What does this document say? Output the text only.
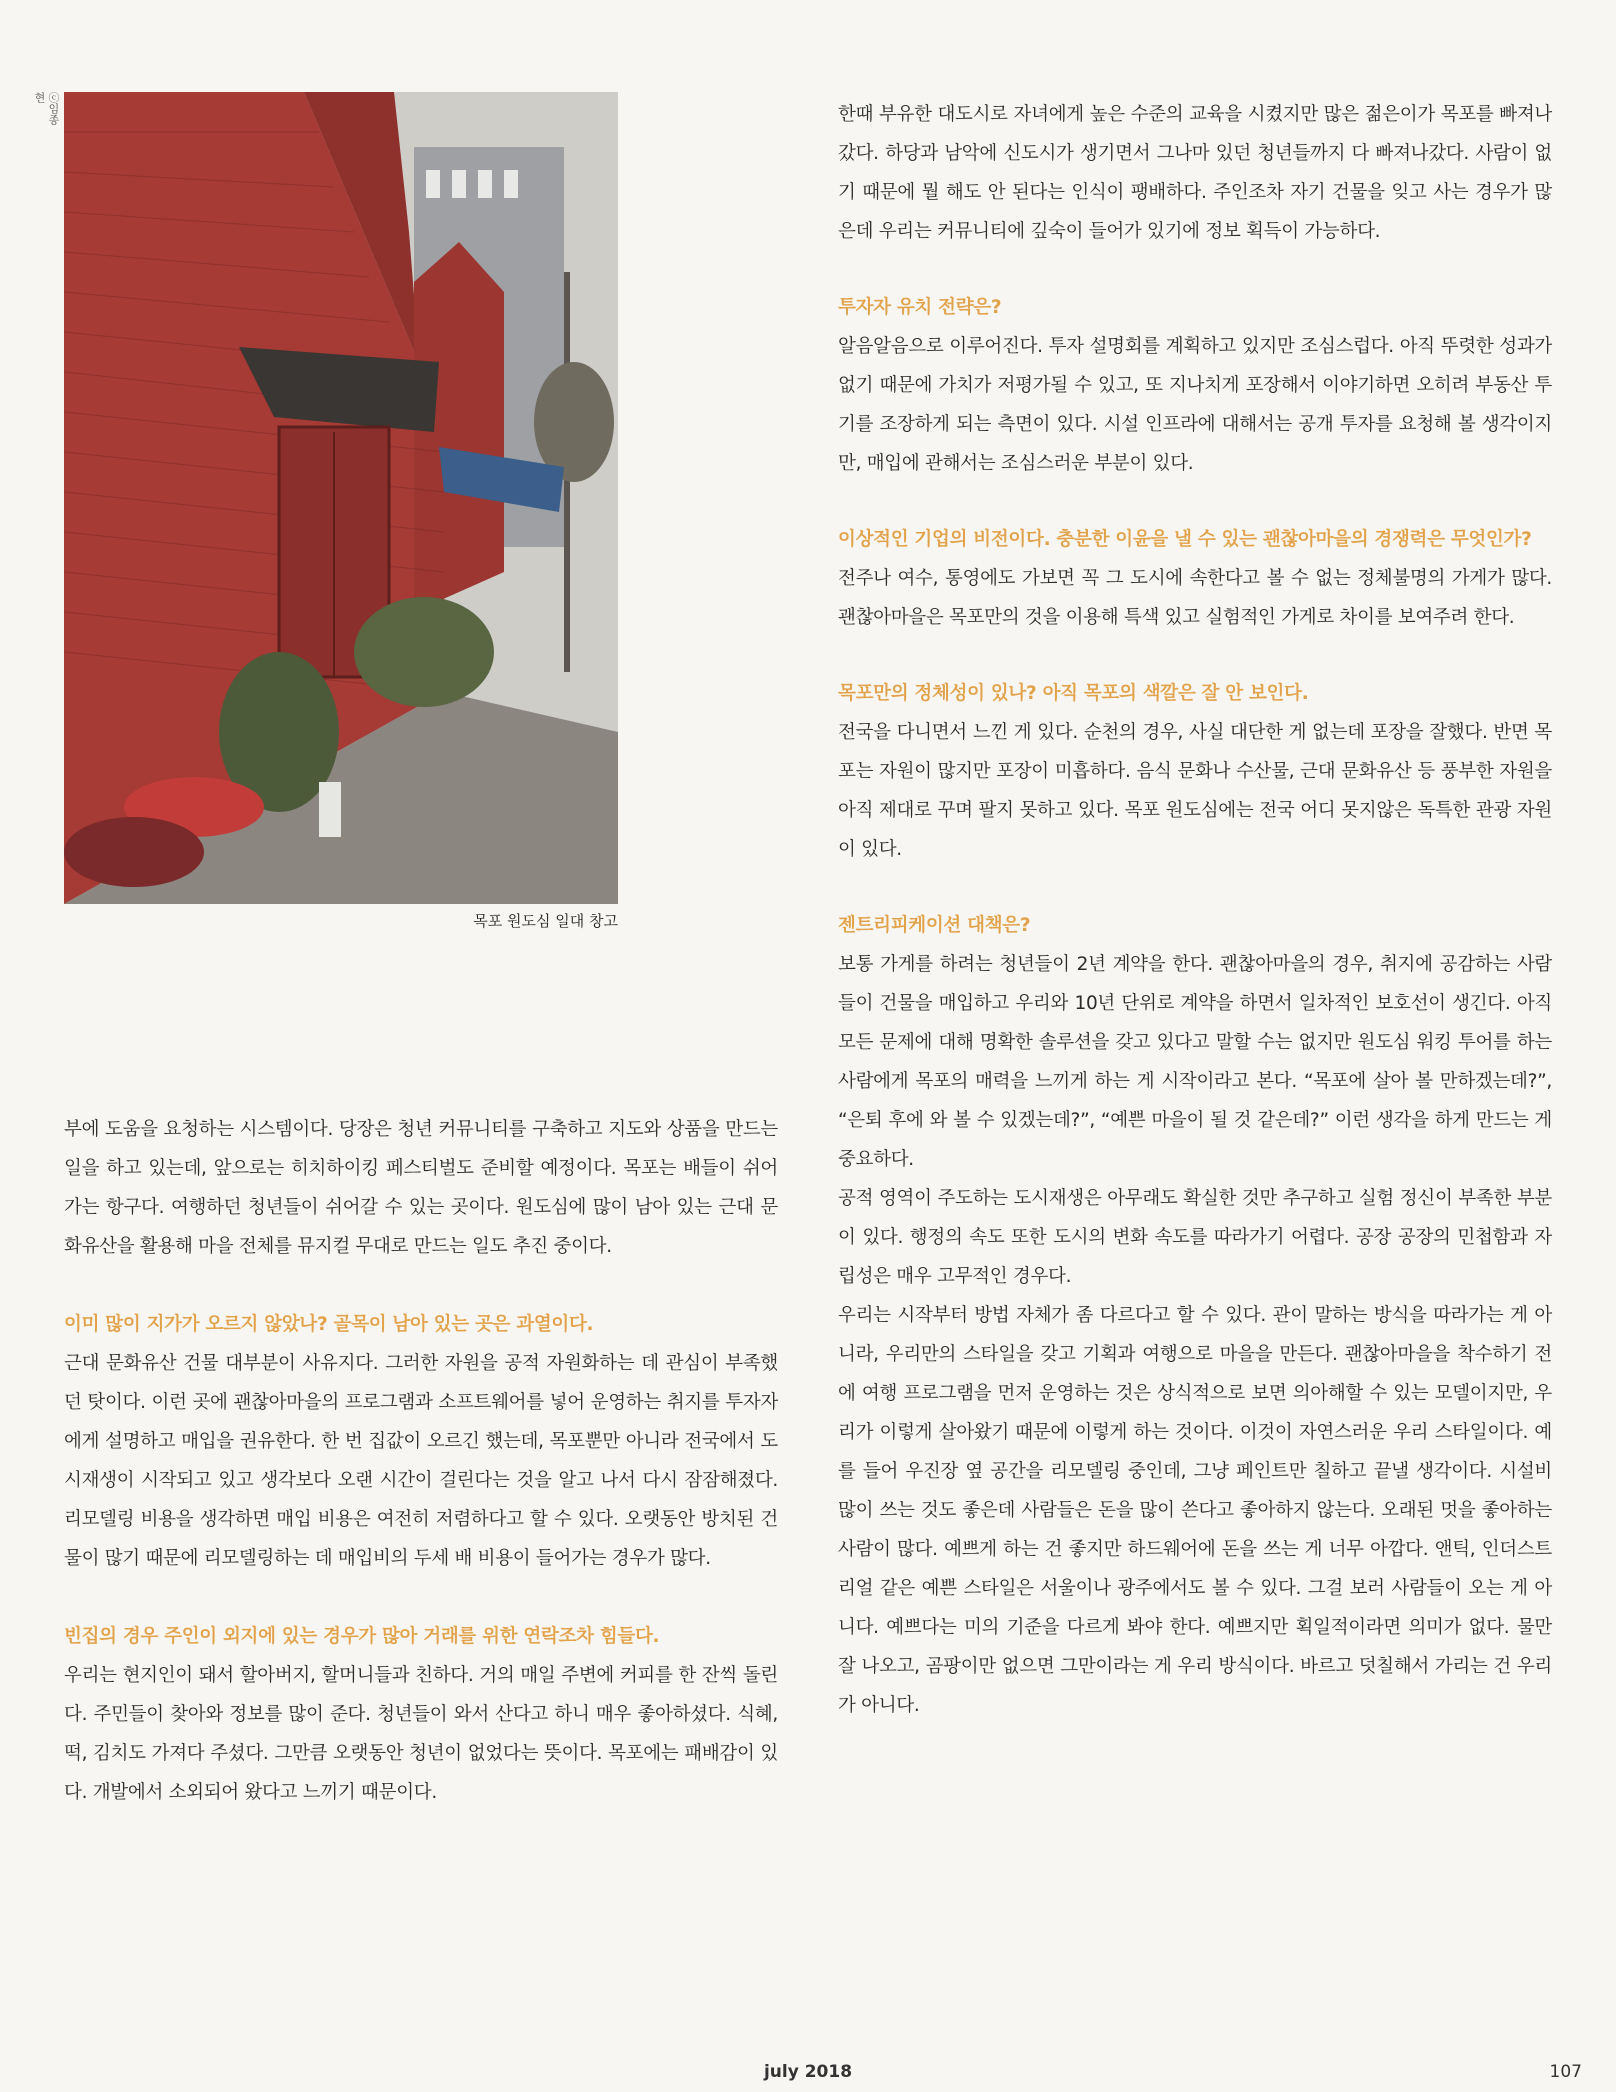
ⓒ임종현
목포 원도심 일대 창고

부에 도움을 요청하는 시스템이다. 당장은 청년 커뮤니티를 구축하고 지도와 상품을 만드는 일을 하고 있는데, 앞으로는 히치하이킹 페스티벌도 준비할 예정이다. 목포는 배들이 쉬어가는 항구다. 여행하던 청년들이 쉬어갈 수 있는 곳이다. 원도심에 많이 남아 있는 근대 문화유산을 활용해 마을 전체를 뮤지컬 무대로 만드는 일도 추진 중이다.

이미 많이 지가가 오르지 않았나? 골목이 남아 있는 곳은 과열이다.

근대 문화유산 건물 대부분이 사유지다. 그러한 자원을 공적 자원화하는 데 관심이 부족했던 탓이다. 이런 곳에 괜찮아마을의 프로그램과 소프트웨어를 넣어 운영하는 취지를 투자자에게 설명하고 매입을 권유한다. 한 번 집값이 오르긴 했는데, 목포뿐만 아니라 전국에서 도시재생이 시작되고 있고 생각보다 오랜 시간이 걸린다는 것을 알고 나서 다시 잠잠해졌다. 리모델링 비용을 생각하면 매입 비용은 여전히 저렴하다고 할 수 있다. 오랫동안 방치된 건물이 많기 때문에 리모델링하는 데 매입비의 두세 배 비용이 들어가는 경우가 많다.

빈집의 경우 주인이 외지에 있는 경우가 많아 거래를 위한 연락조차 힘들다.

우리는 현지인이 돼서 할아버지, 할머니들과 친하다. 거의 매일 주변에 커피를 한 잔씩 돌린다. 주민들이 찾아와 정보를 많이 준다. 청년들이 와서 산다고 하니 매우 좋아하셨다. 식혜, 떡, 김치도 가져다 주셨다. 그만큼 오랫동안 청년이 없었다는 뜻이다. 목포에는 패배감이 있다. 개발에서 소외되어 왔다고 느끼기 때문이다.

한때 부유한 대도시로 자녀에게 높은 수준의 교육을 시켰지만 많은 젊은이가 목포를 빠져나갔다. 하당과 남악에 신도시가 생기면서 그나마 있던 청년들까지 다 빠져나갔다. 사람이 없기 때문에 뭘 해도 안 된다는 인식이 팽배하다. 주인조차 자기 건물을 잊고 사는 경우가 많은데 우리는 커뮤니티에 깊숙이 들어가 있기에 정보 획득이 가능하다.

투자자 유치 전략은?

알음알음으로 이루어진다. 투자 설명회를 계획하고 있지만 조심스럽다. 아직 뚜렷한 성과가 없기 때문에 가치가 저평가될 수 있고, 또 지나치게 포장해서 이야기하면 오히려 부동산 투기를 조장하게 되는 측면이 있다. 시설 인프라에 대해서는 공개 투자를 요청해 볼 생각이지만, 매입에 관해서는 조심스러운 부분이 있다.

이상적인 기업의 비전이다. 충분한 이윤을 낼 수 있는 괜찮아마을의 경쟁력은 무엇인가?

전주나 여수, 통영에도 가보면 꼭 그 도시에 속한다고 볼 수 없는 정체불명의 가게가 많다. 괜찮아마을은 목포만의 것을 이용해 특색 있고 실험적인 가게로 차이를 보여주려 한다.

목포만의 정체성이 있나? 아직 목포의 색깔은 잘 안 보인다.

전국을 다니면서 느낀 게 있다. 순천의 경우, 사실 대단한 게 없는데 포장을 잘했다. 반면 목포는 자원이 많지만 포장이 미흡하다. 음식 문화나 수산물, 근대 문화유산 등 풍부한 자원을 아직 제대로 꾸며 팔지 못하고 있다. 목포 원도심에는 전국 어디 못지않은 독특한 관광 자원이 있다.

젠트리피케이션 대책은?

보통 가게를 하려는 청년들이 2년 계약을 한다. 괜찮아마을의 경우, 취지에 공감하는 사람들이 건물을 매입하고 우리와 10년 단위로 계약을 하면서 일차적인 보호선이 생긴다. 아직 모든 문제에 대해 명확한 솔루션을 갖고 있다고 말할 수는 없지만 원도심 워킹 투어를 하는 사람에게 목포의 매력을 느끼게 하는 게 시작이라고 본다. “목포에 살아 볼 만하겠는데?”, “은퇴 후에 와 볼 수 있겠는데?”, “예쁜 마을이 될 것 같은데?” 이런 생각을 하게 만드는 게 중요하다.

공적 영역이 주도하는 도시재생은 아무래도 확실한 것만 추구하고 실험 정신이 부족한 부분이 있다. 행정의 속도 또한 도시의 변화 속도를 따라가기 어렵다. 공장 공장의 민첩함과 자립성은 매우 고무적인 경우다.

우리는 시작부터 방법 자체가 좀 다르다고 할 수 있다. 관이 말하는 방식을 따라가는 게 아니라, 우리만의 스타일을 갖고 기획과 여행으로 마을을 만든다. 괜찮아마을을 착수하기 전에 여행 프로그램을 먼저 운영하는 것은 상식적으로 보면 의아해할 수 있는 모델이지만, 우리가 이렇게 살아왔기 때문에 이렇게 하는 것이다. 이것이 자연스러운 우리 스타일이다. 예를 들어 우진장 옆 공간을 리모델링 중인데, 그냥 페인트만 칠하고 끝낼 생각이다. 시설비 많이 쓰는 것도 좋은데 사람들은 돈을 많이 쓴다고 좋아하지 않는다. 오래된 멋을 좋아하는 사람이 많다. 예쁘게 하는 건 좋지만 하드웨어에 돈을 쓰는 게 너무 아깝다. 앤틱, 인더스트리얼 같은 예쁜 스타일은 서울이나 광주에서도 볼 수 있다. 그걸 보러 사람들이 오는 게 아니다. 예쁘다는 미의 기준을 다르게 봐야 한다. 예쁘지만 획일적이라면 의미가 없다. 물만 잘 나오고, 곰팡이만 없으면 그만이라는 게 우리 방식이다. 바르고 덧칠해서 가리는 건 우리가 아니다.

july 2018	107
